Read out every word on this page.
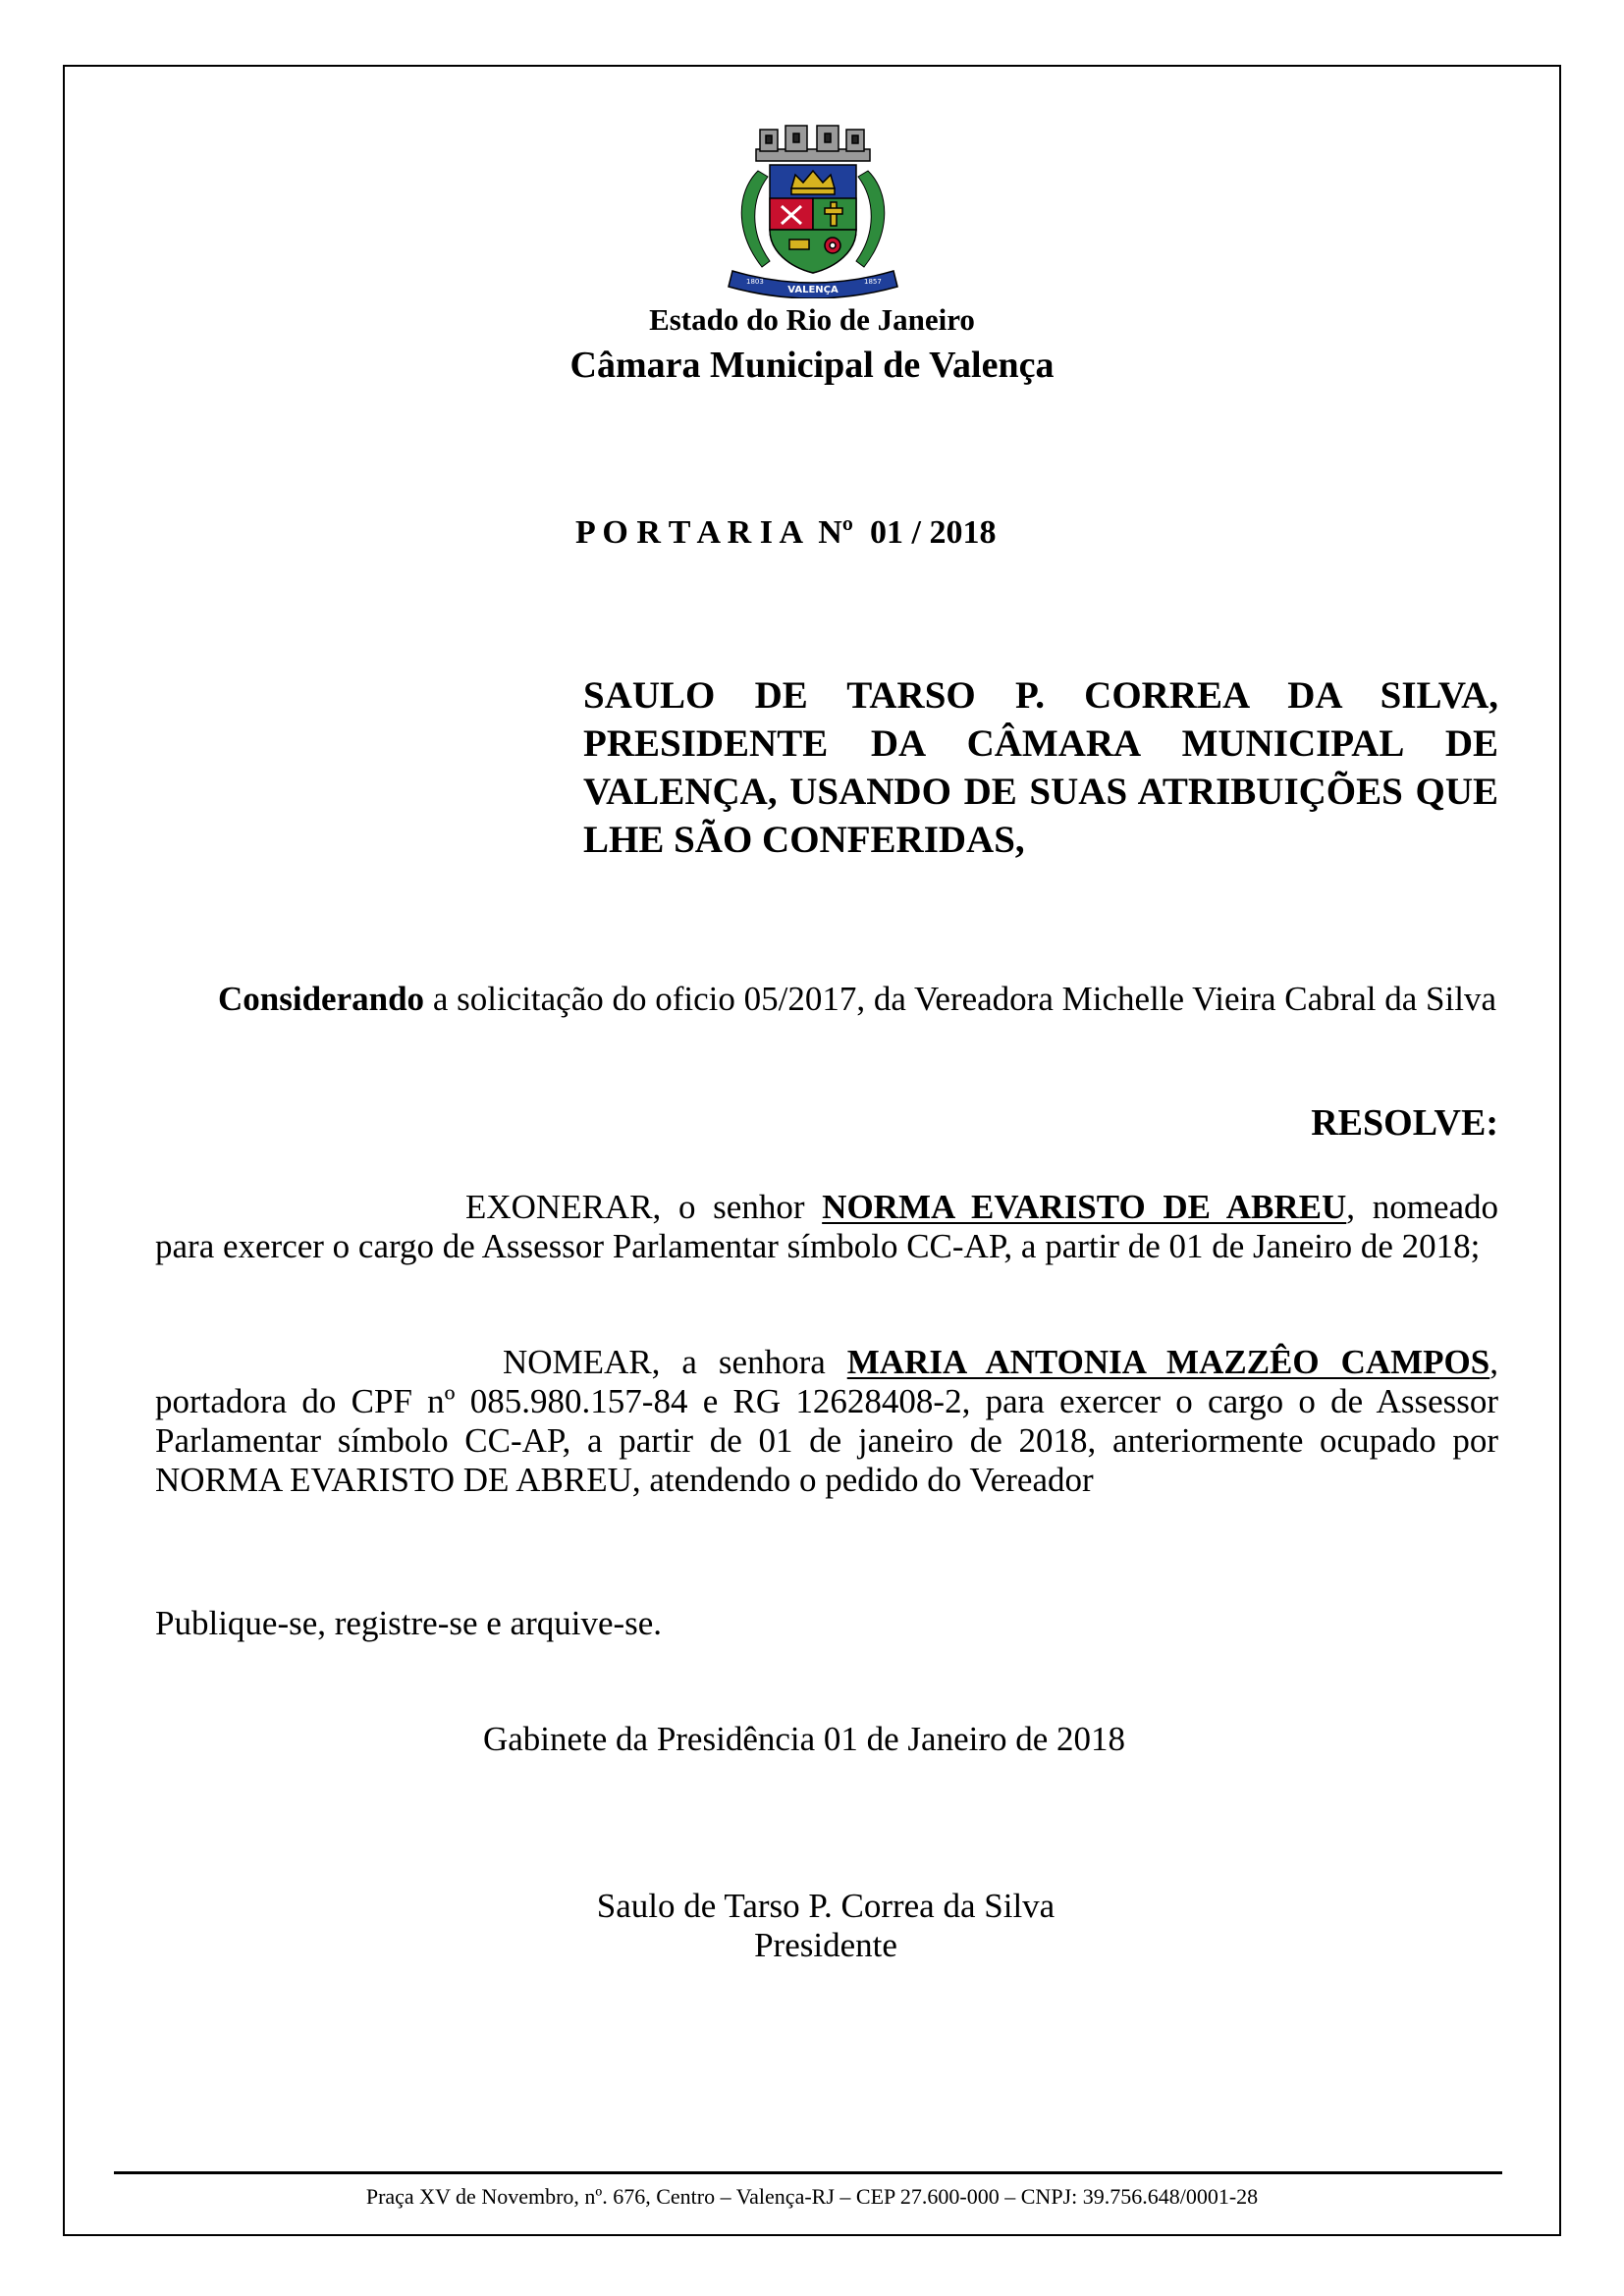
VALENÇA
1803	1857
Estado do Rio de Janeiro
Câmara Municipal de Valença
P O R T A R I A  Nº  01 / 2018
SAULO DE TARSO P. CORREA DA SILVA, PRESIDENTE DA CÂMARA MUNICIPAL DE VALENÇA, USANDO DE SUAS ATRIBUIÇÕES QUE LHE SÃO CONFERIDAS,
Considerando a solicitação do oficio 05/2017, da Vereadora Michelle Vieira Cabral da Silva
RESOLVE:
EXONERAR, o senhor NORMA EVARISTO DE ABREU, nomeado para exercer o cargo de Assessor Parlamentar símbolo CC-AP, a partir de 01 de Janeiro de 2018;
NOMEAR, a senhora MARIA ANTONIA MAZZÊO CAMPOS, portadora do CPF nº 085.980.157-84 e RG 12628408-2, para exercer o cargo o de Assessor Parlamentar símbolo CC-AP, a partir de 01 de janeiro de 2018, anteriormente ocupado por NORMA EVARISTO DE ABREU, atendendo o pedido do Vereador
Publique-se, registre-se e arquive-se.
Gabinete da Presidência 01 de Janeiro de 2018
Saulo de Tarso P. Correa da Silva
Presidente
Praça XV de Novembro, nº. 676, Centro – Valença-RJ – CEP 27.600-000 – CNPJ: 39.756.648/0001-28
